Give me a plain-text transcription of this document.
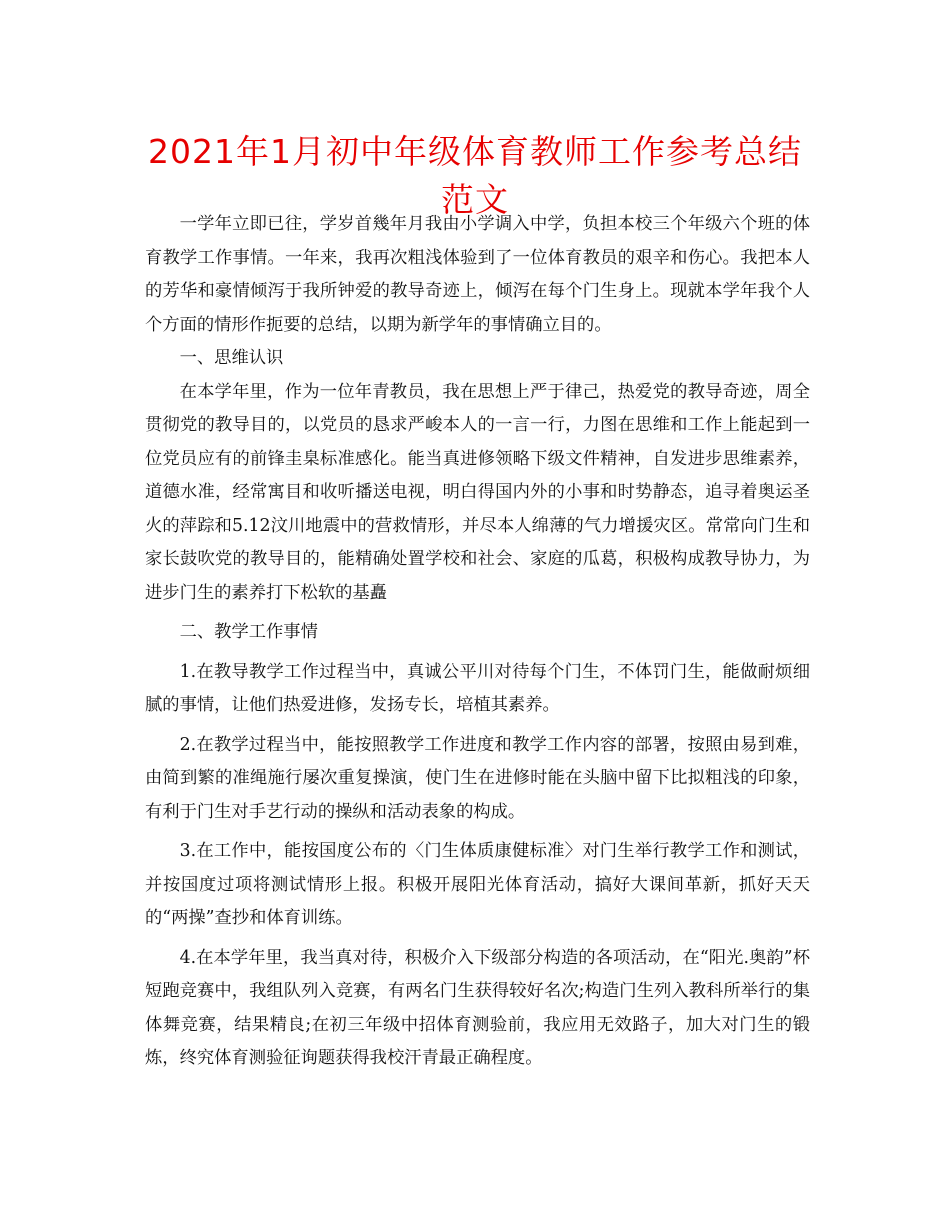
2021年1月初中年级体育教师工作参考总结范文

一学年立即已往，学岁首幾年月我由小学调入中学，负担本校三个年级六个班的体育教学工作事情。一年来，我再次粗浅体验到了一位体育教员的艰辛和伤心。我把本人的芳华和豪情倾泻于我所钟爱的教导奇迹上，倾泻在每个门生身上。现就本学年我个人个方面的情形作扼要的总结，以期为新学年的事情确立目的。

一、思维认识

在本学年里，作为一位年青教员，我在思想上严于律己，热爱党的教导奇迹，周全贯彻党的教导目的，以党员的恳求严峻本人的一言一行，力图在思维和工作上能起到一位党员应有的前锋圭臬标准感化。能当真进修领略下级文件精神，自发进步思维素养，道德水准，经常寓目和收听播送电视，明白得国内外的小事和时势静态，追寻着奥运圣火的萍踪和5.12汶川地震中的营救情形，并尽本人绵薄的气力增援灾区。常常向门生和家长鼓吹党的教导目的，能精确处置学校和社会、家庭的瓜葛，积极构成教导协力，为进步门生的素养打下松软的基矗

二、教学工作事情

1.在教导教学工作过程当中，真诚公平川对待每个门生，不体罚门生，能做耐烦细腻的事情，让他们热爱进修，发扬专长，培植其素养。

2.在教学过程当中，能按照教学工作进度和教学工作内容的部署，按照由易到难，由简到繁的准绳施行屡次重复操演，使门生在进修时能在头脑中留下比拟粗浅的印象，有利于门生对手艺行动的操纵和活动表象的构成。

3.在工作中，能按国度公布的〈门生体质康健标准〉对门生举行教学工作和测试，并按国度过项将测试情形上报。积极开展阳光体育活动，搞好大课间革新，抓好天天的“两操”查抄和体育训练。

4.在本学年里，我当真对待，积极介入下级部分构造的各项活动，在“阳光.奥韵”杯短跑竞赛中，我组队列入竞赛，有两名门生获得较好名次;构造门生列入教科所举行的集体舞竞赛，结果精良;在初三年级中招体育测验前，我应用无效路子，加大对门生的锻炼，终究体育测验征询题获得我校汗青最正确程度。
